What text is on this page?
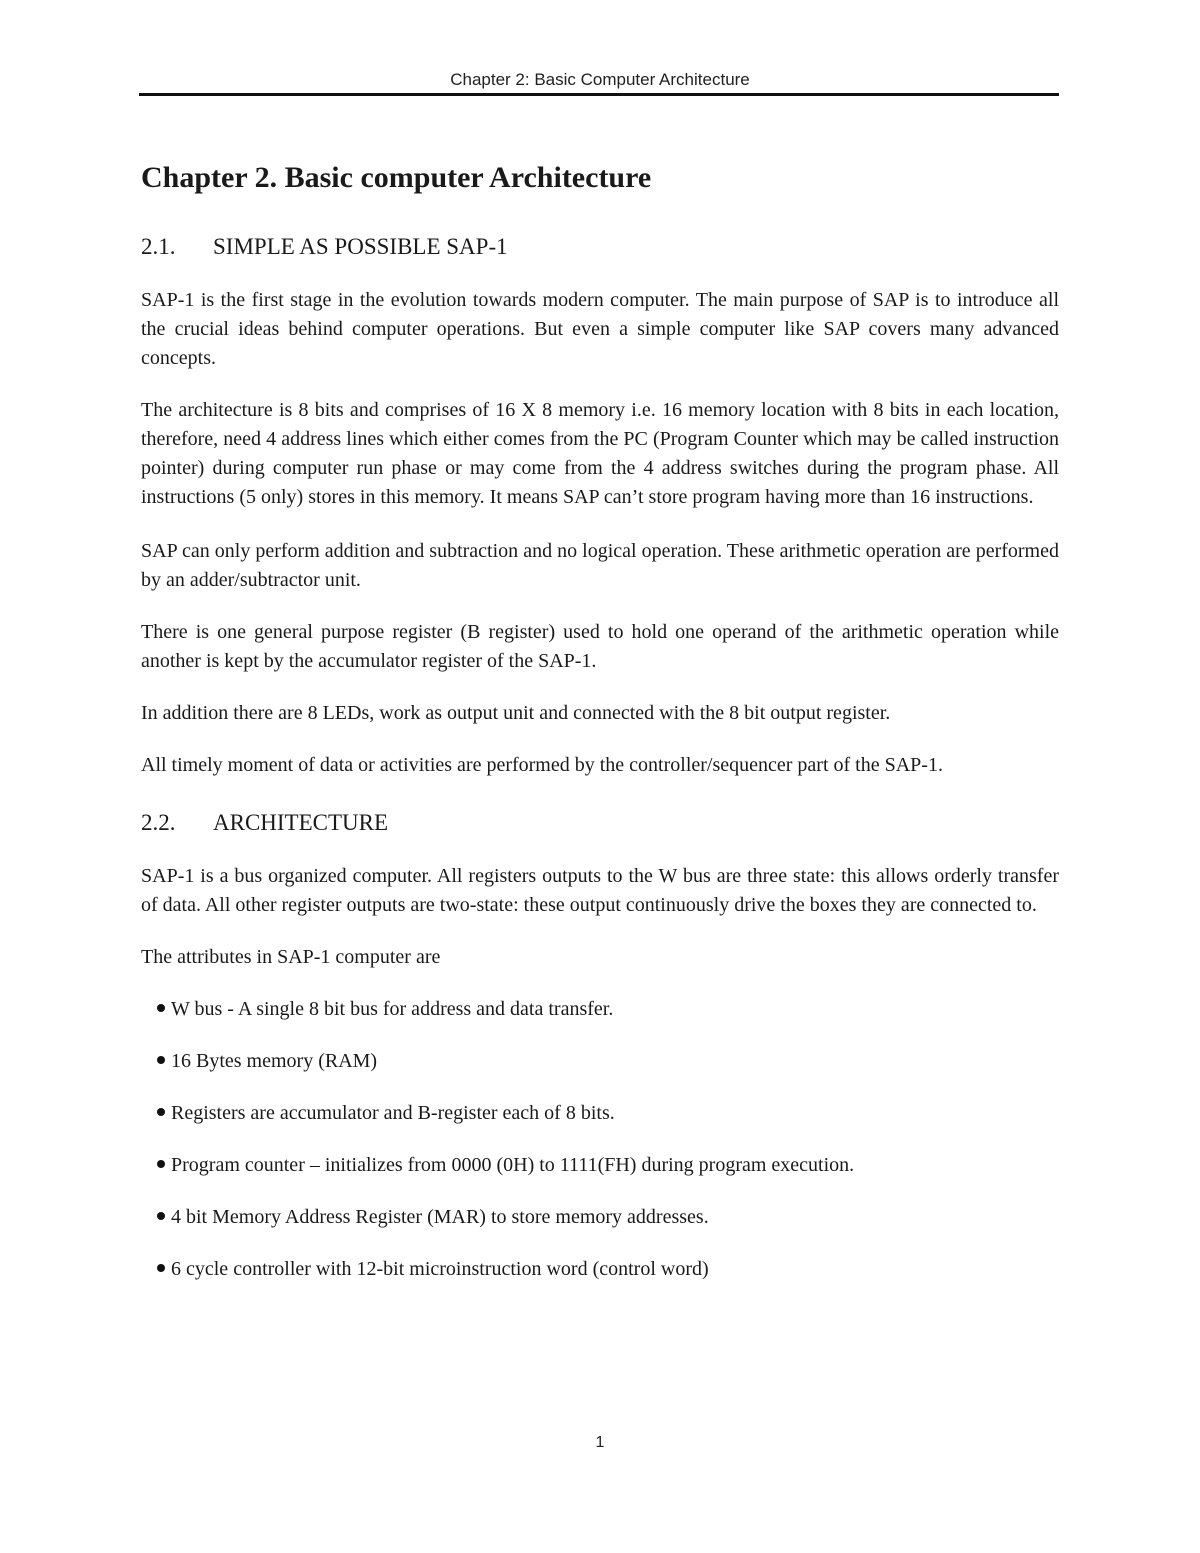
Chapter 2: Basic Computer Architecture
Chapter 2. Basic computer Architecture
2.1. SIMPLE AS POSSIBLE SAP-1

SAP-1 is the first stage in the evolution towards modern computer. The main purpose of SAP is to introduce all the crucial ideas behind computer operations. But even a simple computer like SAP covers many advanced concepts.

The architecture is 8 bits and comprises of 16 X 8 memory i.e. 16 memory location with 8 bits in each location, therefore, need 4 address lines which either comes from the PC (Program Counter which may be called instruction pointer) during computer run phase or may come from the 4 address switches during the program phase. All instructions (5 only) stores in this memory. It means SAP can’t store program having more than 16 instructions.

SAP can only perform addition and subtraction and no logical operation. These arithmetic operation are performed by an adder/subtractor unit.

There is one general purpose register (B register) used to hold one operand of the arithmetic operation while another is kept by the accumulator register of the SAP-1.

In addition there are 8 LEDs, work as output unit and connected with the 8 bit output register.

All timely moment of data or activities are performed by the controller/sequencer part of the SAP-1.

2.2. ARCHITECTURE

SAP-1 is a bus organized computer. All registers outputs to the W bus are three state: this allows orderly transfer of data. All other register outputs are two-state: these output continuously drive the boxes they are connected to.

The attributes in SAP-1 computer are

W bus - A single 8 bit bus for address and data transfer.
16 Bytes memory (RAM)
Registers are accumulator and B-register each of 8 bits.
Program counter – initializes from 0000 (0H) to 1111(FH) during program execution.
4 bit Memory Address Register (MAR) to store memory addresses.
6 cycle controller with 12-bit microinstruction word (control word)
1
